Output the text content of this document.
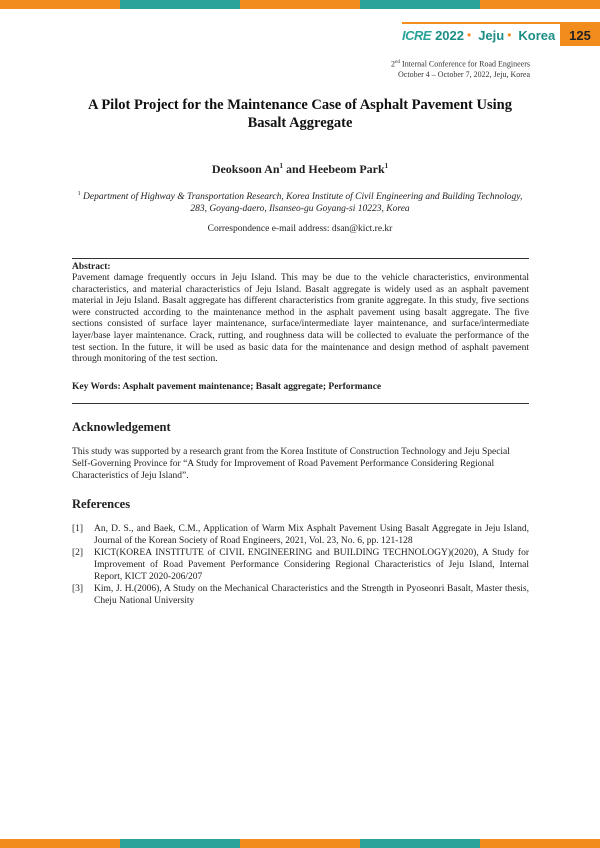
ICRE 2022 • Jeju • Korea	125
2nd Internal Conference for Road Engineers
October 4 – October 7, 2022, Jeju, Korea
A Pilot Project for the Maintenance Case of Asphalt Pavement Using Basalt Aggregate
Deoksoon An$^1$ and Heebeom Park$^1$
$^1$ Department of Highway & Transportation Research, Korea Institute of Civil Engineering and Building Technology, 283, Goyang-daero, Ilsanseo-gu Goyang-si 10223, Korea
Correspondence e-mail address: dsan@kict.re.kr
Abstract:
Pavement damage frequently occurs in Jeju Island. This may be due to the vehicle characteristics, environmental characteristics, and material characteristics of Jeju Island. Basalt aggregate is widely used as an asphalt pavement material in Jeju Island. Basalt aggregate has different characteristics from granite aggregate. In this study, five sections were constructed according to the maintenance method in the asphalt pavement using basalt aggregate. The five sections consisted of surface layer maintenance, surface/intermediate layer maintenance, and surface/intermediate layer/base layer maintenance. Crack, rutting, and roughness data will be collected to evaluate the performance of the test section. In the future, it will be used as basic data for the maintenance and design method of asphalt pavement through monitoring of the test section.
Key Words: Asphalt pavement maintenance; Basalt aggregate; Performance
Acknowledgement
This study was supported by a research grant from the Korea Institute of Construction Technology and Jeju Special Self-Governing Province for “A Study for Improvement of Road Pavement Performance Considering Regional Characteristics of Jeju Island”.
References
[1]	An, D. S., and Baek, C.M., Application of Warm Mix Asphalt Pavement Using Basalt Aggregate in Jeju Island, Journal of the Korean Society of Road Engineers, 2021, Vol. 23, No. 6, pp. 121-128
[2]	KICT(KOREA INSTITUTE of CIVIL ENGINEERING and BUILDING TECHNOLOGY)(2020), A Study for Improvement of Road Pavement Performance Considering Regional Characteristics of Jeju Island, Internal Report, KICT 2020-206/207
[3]	Kim, J. H.(2006), A Study on the Mechanical Characteristics and the Strength in Pyoseonri Basalt, Master thesis, Cheju National University
